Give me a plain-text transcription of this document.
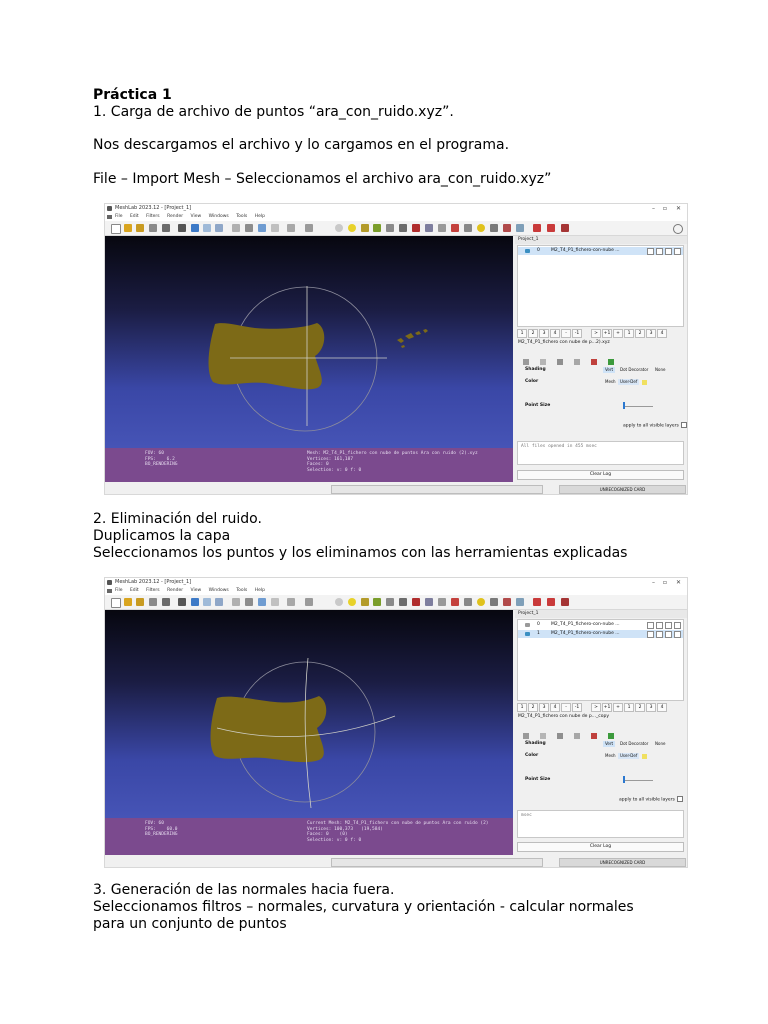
Práctica 1
1. Carga de archivo de puntos “ara_con_ruido.xyz”.
Nos descargamos el archivo y lo cargamos en el programa.
File – Import Mesh – Seleccionamos el archivo ara_con_ruido.xyz”
MeshLab 2023.12 - [Project_1]	– ▫ ✕
File Edit Filters Render View Windows Tools Help
FOV: 60
FPS:    6.2
BO_RENDERING
Mesh: M2_T4_P1_fichero con nube de puntos Ara con ruido (2).xyz
Vertices: 161,187
Faces: 0
Selection: v: 0 f: 0
Project_1
0 M2_T4_P1_fichero-con-nube ...
1 2 3 4 - -1	> +1 + 1 2 3 4
M2_T4_P1_fichero con nube de p...2).xyz
Shading	Vert	Dot Decorator	None
Color	Mesh	User-Def
Point Size
apply to all visible layers
All files opened in 455 msec
Clear Log
UNRECOGNIZED CARD
2. Eliminación del ruido.
Duplicamos la capa
Seleccionamos los puntos y los eliminamos con las herramientas explicadas
MeshLab 2023.12 - [Project_1]	– ▫ ✕
File Edit Filters Render View Windows Tools Help
FOV: 60
FPS:    60.0
BO_RENDERING
Current Mesh: M2_T4_P1_fichero con nube de puntos Ara con ruido (2)
Vertices: 100,373   (19,584)
Faces: 0    (0)
Selection: v: 0 f: 0
Project_1
0 M2_T4_P1_fichero-con-nube ...
1 M2_T4_P1_fichero-con-nube ...
1 2 3 4 - -1	> +1 + 1 2 3 4
M2_T4_P1_fichero con nube de p..._copy
Shading	Vert	Dot Decorator	None
Color	Mesh	User-Def
Point Size
apply to all visible layers
msec
Clear Log
UNRECOGNIZED CARD
3. Generación de las normales hacia fuera.
Seleccionamos filtros – normales, curvatura y orientación - calcular normales
para un conjunto de puntos
